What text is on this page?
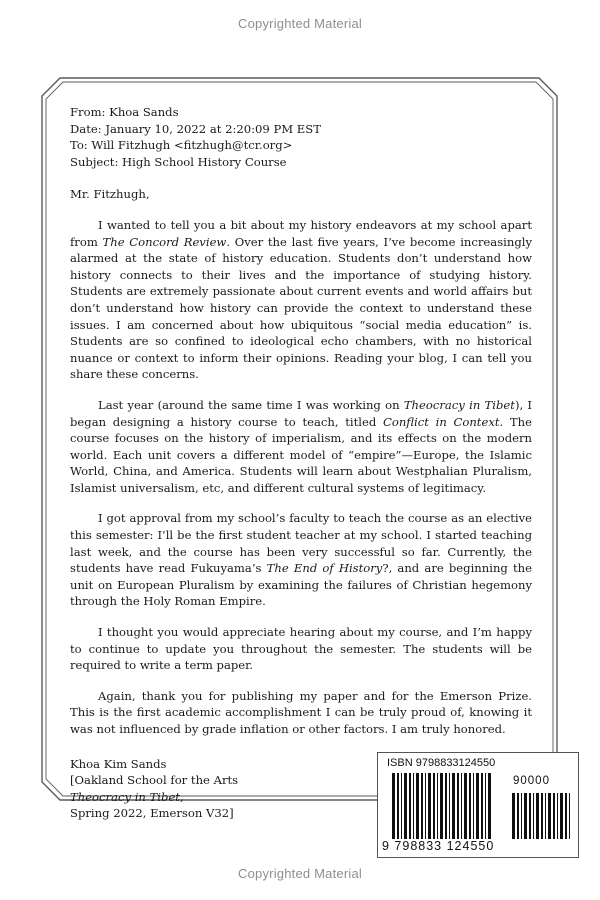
Copyrighted Material
From: Khoa Sands
Date: January 10, 2022 at 2:20:09 PM EST
To: Will Fitzhugh <fitzhugh@tcr.org>
Subject: High School History Course
Mr. Fitzhugh,

I wanted to tell you a bit about my history endeavors at my school apart from The Concord Review. Over the last five years, I’ve become increasingly alarmed at the state of history education. Students don’t understand how history connects to their lives and the importance of studying history. Students are extremely passionate about current events and world affairs but don’t understand how history can provide the context to understand these issues. I am concerned about how ubiquitous “social media education” is. Students are so confined to ideological echo chambers, with no historical nuance or context to inform their opinions. Reading your blog, I can tell you share these concerns.

Last year (around the same time I was working on Theocracy in Tibet), I began designing a history course to teach, titled Conflict in Context. The course focuses on the history of imperialism, and its effects on the modern world. Each unit covers a different model of “empire”—Europe, the Islamic World, China, and America. Students will learn about Westphalian Pluralism, Islamist universalism, etc, and different cultural systems of legitimacy.

I got approval from my school’s faculty to teach the course as an elective this semester: I’ll be the first student teacher at my school. I started teaching last week, and the course has been very successful so far. Currently, the students have read Fukuyama’s The End of History?, and are beginning the unit on European Pluralism by examining the failures of Christian hegemony through the Holy Roman Empire.

I thought you would appreciate hearing about my course, and I’m happy to continue to update you throughout the semester. The students will be required to write a term paper.

Again, thank you for publishing my paper and for the Emerson Prize. This is the first academic accomplishment I can be truly proud of, knowing it was not influenced by grade inflation or other factors. I am truly honored.

Khoa Kim Sands
[Oakland School for the Arts
Theocracy in Tibet,
Spring 2022, Emerson V32]
ISBN 9798833124550
90000
9 798833 124550
Copyrighted Material
